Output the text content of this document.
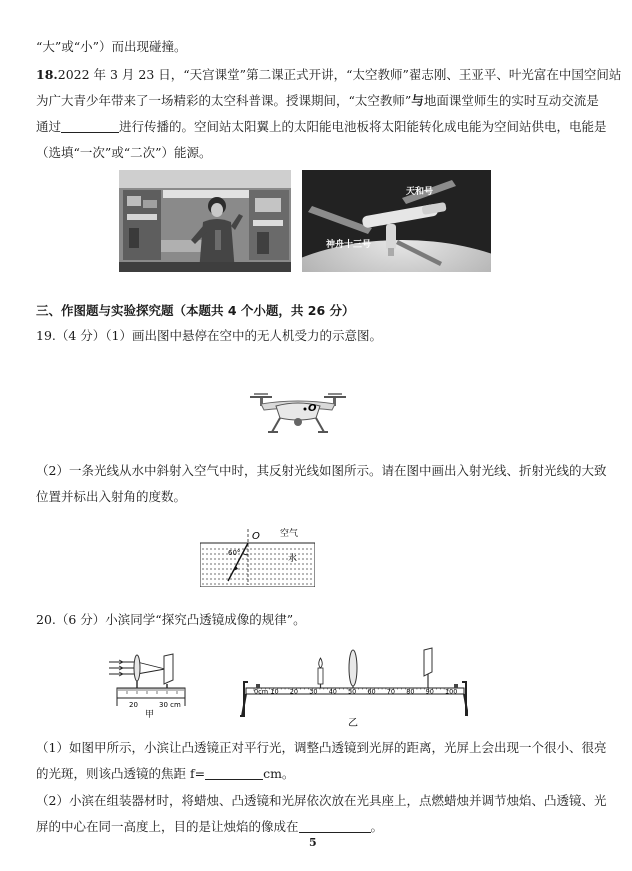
“大”或“小”）而出现碰撞。
18.2022 年 3 月 23 日，“天宫课堂”第二课正式开讲，“太空教师”翟志刚、王亚平、叶光富在中国空间站
为广大青少年带来了一场精彩的太空科普课。授课期间，“太空教师”与地面课堂师生的实时互动交流是
通过	进行传播的。空间站太阳翼上的太阳能电池板将太阳能转化成电能为空间站供电，电能是
（选填“一次”或“二次”）能源。
天和号
神舟十三号
三、作图题与实验探究题（本题共 4 个小题，共 26 分）
19.（4 分）（1）画出图中悬停在空中的无人机受力的示意图。
O
（2）一条光线从水中斜射入空气中时，其反射光线如图所示。请在图中画出入射光线、折射光线的大致
位置并标出入射角的度数。
O 空气
水
60°
20.（6 分）小滨同学“探究凸透镜成像的规律”。
20	30 cm
甲
0cm 10 20 30 40 50 60 70 80 90 100
乙
（1）如图甲所示，小滨让凸透镜正对平行光，调整凸透镜到光屏的距离，光屏上会出现一个很小、很亮
的光斑，则该凸透镜的焦距 f=	cm。
（2）小滨在组装器材时，将蜡烛、凸透镜和光屏依次放在光具座上，点燃蜡烛并调节烛焰、凸透镜、光
屏的中心在同一高度上，目的是让烛焰的像成在	。
5
